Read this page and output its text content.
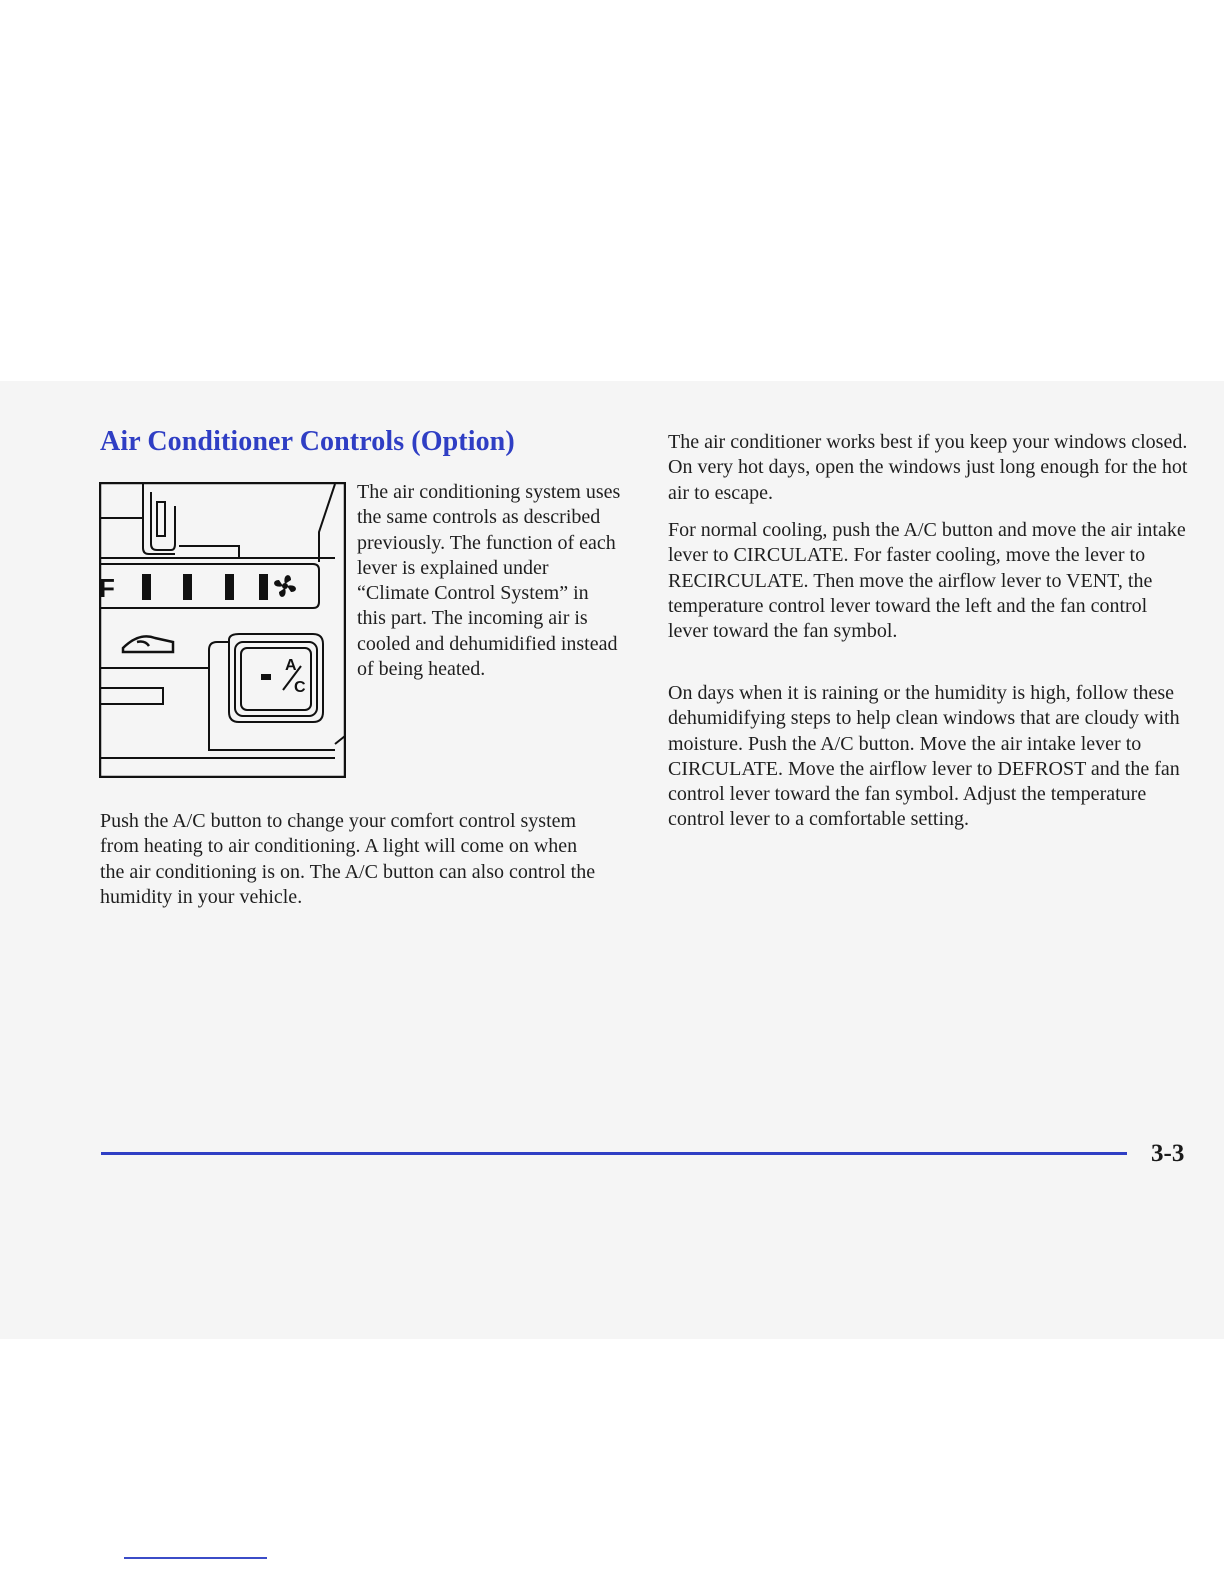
Air Conditioner Controls (Option)
F
A
C

The air conditioning system uses the same controls as described previously. The function of each lever is explained under “Climate Control System” in this part. The incoming air is cooled and dehumidified instead of being heated.

Push the A/C button to change your comfort control system from heating to air conditioning. A light will come on when the air conditioning is on. The A/C button can also control the humidity in your vehicle.

The air conditioner works best if you keep your windows closed. On very hot days, open the windows just long enough for the hot air to escape.

For normal cooling, push the A/C button and move the air intake lever to CIRCULATE. For faster cooling, move the lever to RECIRCULATE. Then move the airflow lever to VENT, the temperature control lever toward the left and the fan control lever toward the fan symbol.

On days when it is raining or the humidity is high, follow these dehumidifying steps to help clean windows that are cloudy with moisture. Push the A/C button. Move the air intake lever to CIRCULATE. Move the airflow lever to DEFROST and the fan control lever toward the fan symbol. Adjust the temperature control lever to a comfortable setting.

3-3
